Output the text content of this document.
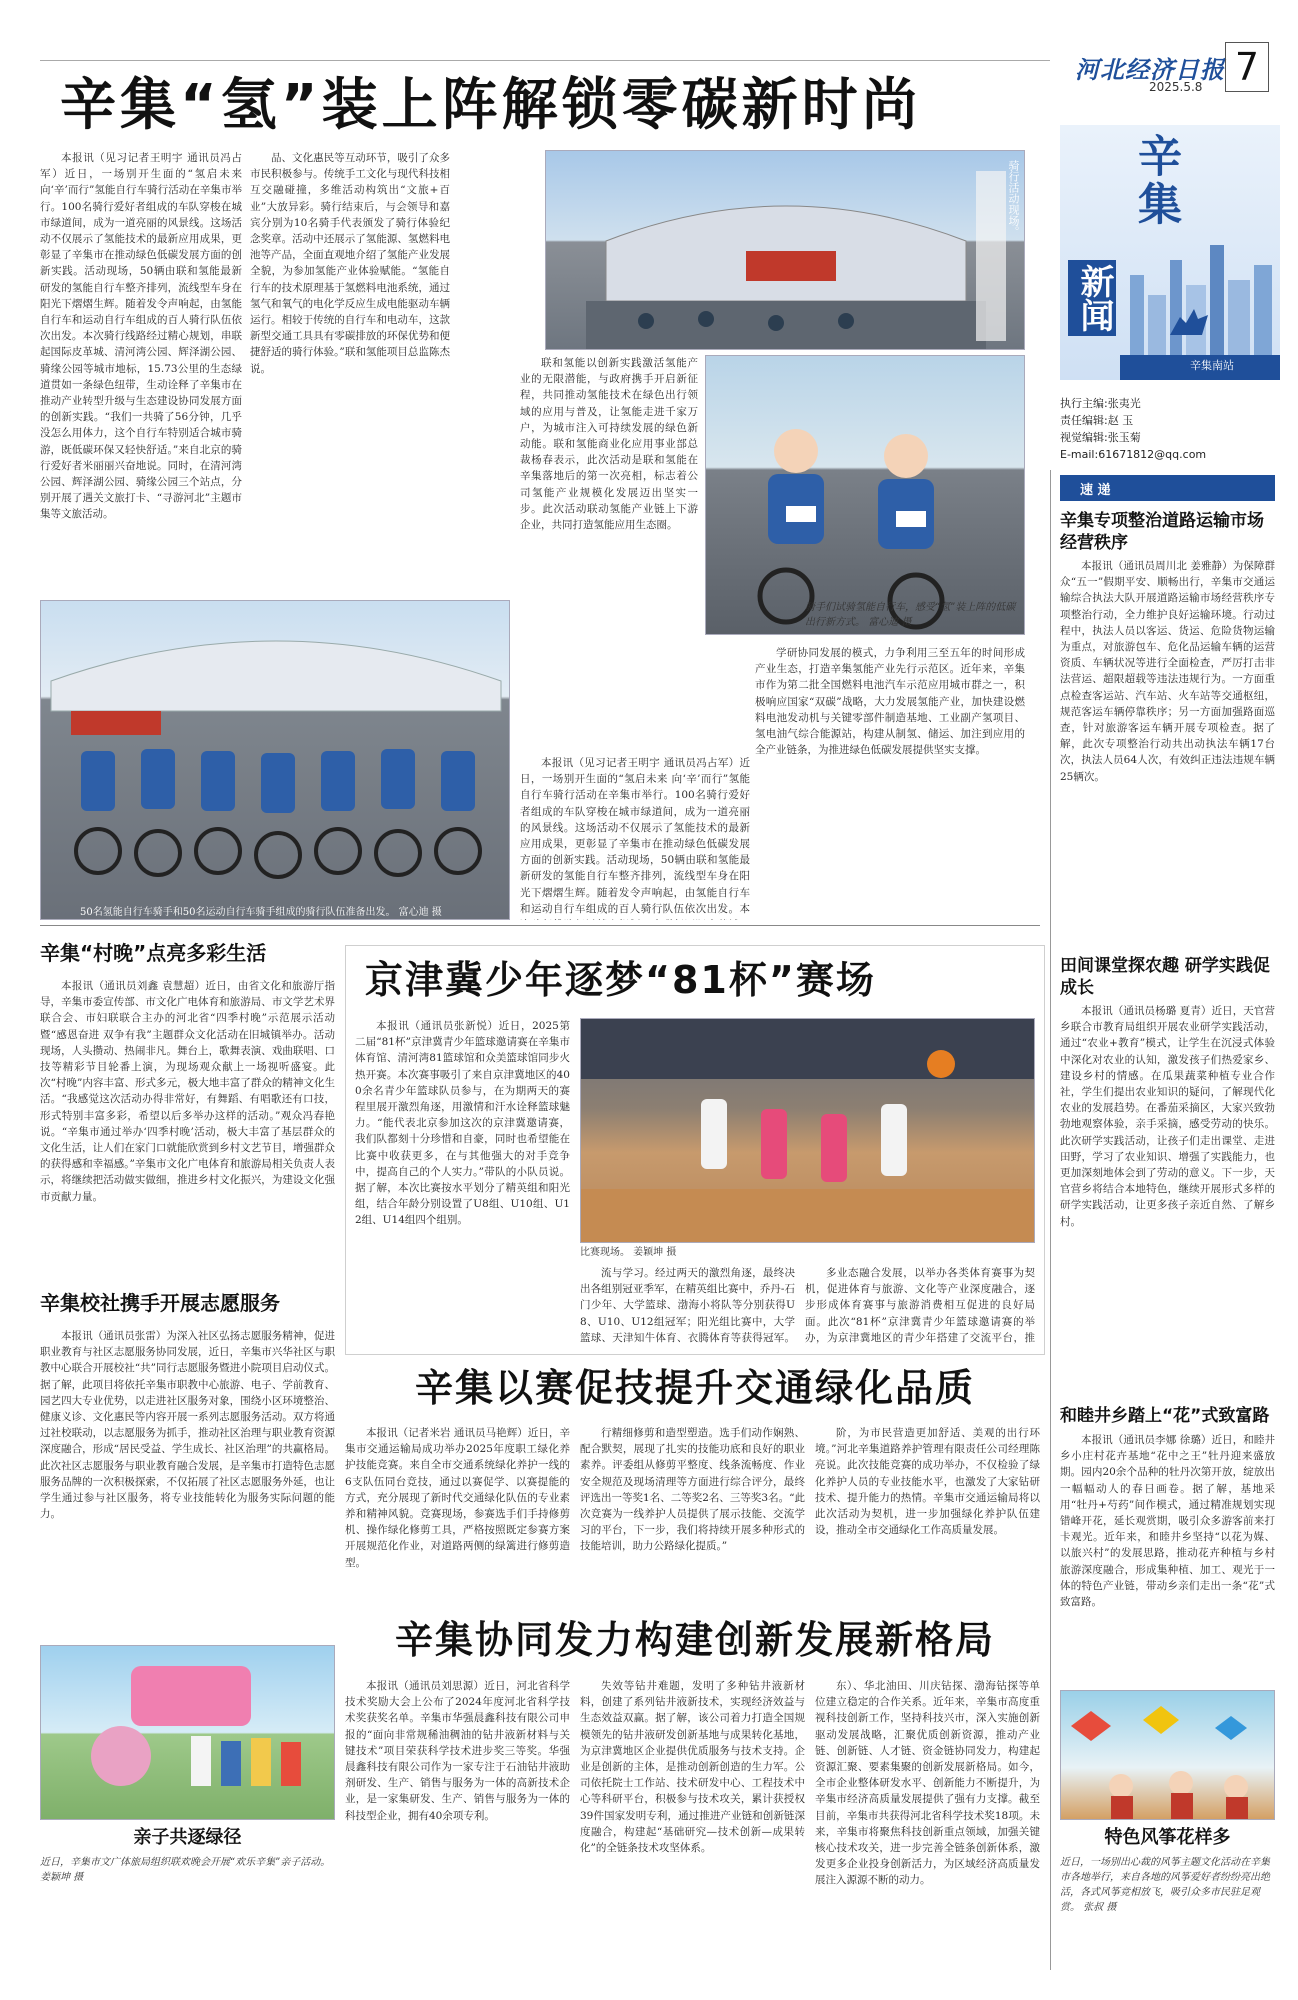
河北经济日报
2025.5.8 7
辛集
新闻
辛集南站
执行主编:张夷光
责任编辑:赵 玉
视觉编辑:张玉菊
E-mail:61671812@qq.com
速 递
辛集“氢”装上阵解锁零碳新时尚

本报讯（见习记者王明宇 通讯员冯占军）近日，一场别开生面的“氢启未来 向‘辛’而行”氢能自行车骑行活动在辛集市举行。100名骑行爱好者组成的车队穿梭在城市绿道间，成为一道亮丽的风景线。这场活动不仅展示了氢能技术的最新应用成果，更彰显了辛集市在推动绿色低碳发展方面的创新实践。活动现场，50辆由联和氢能最新研发的氢能自行车整齐排列，流线型车身在阳光下熠熠生辉。随着发令声响起，由氢能自行车和运动自行车组成的百人骑行队伍依次出发。本次骑行线路经过精心规划，串联起国际皮革城、清河湾公园、辉泽湖公园、骑缘公园等城市地标，15.73公里的生态绿道贯如一条绿色纽带，生动诠释了辛集市在推动产业转型升级与生态建设协同发展方面的创新实践。“我们一共骑了56分钟，几乎没怎么用体力，这个自行车特别适合城市骑游，既低碳环保又轻快舒适。”来自北京的骑行爱好者米丽丽兴奋地说。同时，在清河湾公园、辉泽湖公园、骑缘公园三个站点，分别开展了遇关文旅打卡、“寻游河北”主题市集等文旅活动。

品、文化惠民等互动环节，吸引了众多市民积极参与。传统手工文化与现代科技相互交融碰撞，多维活动构筑出“文旅+百业”大放异彩。骑行结束后，与会领导和嘉宾分别为10名骑手代表颁发了骑行体验纪念奖章。活动中还展示了氢能源、氢燃料电池等产品，全面直观地介绍了氢能产业发展全貌，为参加氢能产业体验赋能。“氢能自行车的技术原理基于氢燃料电池系统，通过氢气和氧气的电化学反应生成电能驱动车辆运行。相较于传统的自行车和电动车，这款新型交通工具具有零碳排放的环保优势和便捷舒适的骑行体验。”联和氢能项目总监陈杰说。	联和氢能以创新实践激活氢能产业的无限潜能，与政府携手开启新征程，共同推动氢能技术在绿色出行领域的应用与普及，让氢能走进千家万户，为城市注入可持续发展的绿色新动能。联和氢能商业化应用事业部总裁杨春表示，此次活动是联和氢能在辛集落地后的第一次亮相，标志着公司氢能产业规模化发展迈出坚实一步。此次活动联动氢能产业链上下游企业，共同打造氢能应用生态圈。

学研协同发展的模式，力争利用三至五年的时间形成产业生态，打造辛集氢能产业先行示范区。近年来，辛集市作为第二批全国燃料电池汽车示范应用城市群之一，积极响应国家“双碳”战略，大力发展氢能产业，加快建设燃料电池发动机与关键零部件制造基地、工业副产氢项目、氢电油气综合能源站，构建从制氢、储运、加注到应用的全产业链条，为推进绿色低碳发展提供坚实支撑。

本报讯（见习记者王明宇 通讯员冯占军）近日，一场别开生面的“氢启未来 向‘辛’而行”氢能自行车骑行活动在辛集市举行。100名骑行爱好者组成的车队穿梭在城市绿道间，成为一道亮丽的风景线。这场活动不仅展示了氢能技术的最新应用成果，更彰显了辛集市在推动绿色低碳发展方面的创新实践。活动现场，50辆由联和氢能最新研发的氢能自行车整齐排列，流线型车身在阳光下熠熠生辉。随着发令声响起，由氢能自行车和运动自行车组成的百人骑行队伍依次出发。本

骑行活动现场。
骑手们试骑氢能自行车，感受“氢”装上阵的低碳出行新方式。 富心迪 摄
50名氢能自行车骑手和50名运动自行车骑手组成的骑行队伍准备出发。 富心迪 摄
辛集“村晚”点亮多彩生活

本报讯（通讯员刘鑫 袁慧超）近日，由省文化和旅游厅指导，辛集市委宣传部、市文化广电体育和旅游局、市文学艺术界联合会、市妇联联合主办的河北省“四季村晚”示范展示活动暨“感恩奋进 双争有我”主题群众文化活动在旧城镇举办。活动现场，人头攒动、热闹非凡。舞台上，歌舞表演、戏曲联唱、口技等精彩节目轮番上演，为现场观众献上一场视听盛宴。此次“村晚”内容丰富、形式多元，极大地丰富了群众的精神文化生活。“我感觉这次活动办得非常好，有舞蹈、有唱歌还有口技，形式特别丰富多彩，希望以后多举办这样的活动。”观众冯春艳说。“辛集市通过举办‘四季村晚’活动，极大丰富了基层群众的文化生活，让人们在家门口就能欣赏到乡村文艺节目，增强群众的获得感和幸福感。”辛集市文化广电体育和旅游局相关负责人表示，将继续把活动做实做细，推进乡村文化振兴，为建设文化强市贡献力量。

辛集校社携手开展志愿服务

本报讯（通讯员张雷）为深入社区弘扬志愿服务精神，促进职业教育与社区志愿服务协同发展，近日，辛集市兴华社区与职教中心联合开展校社“共”同行志愿服务暨进小院项目启动仪式。据了解，此项目将依托辛集市职教中心旅游、电子、学前教育、园艺四大专业优势，以走进社区服务对象，围绕小区环境整治、健康义诊、文化惠民等内容开展一系列志愿服务活动。双方将通过社校联动，以志愿服务为抓手，推动社区治理与职业教育资源深度融合，形成“居民受益、学生成长、社区治理”的共赢格局。此次社区志愿服务与职业教育融合发展，是辛集市打造特色志愿服务品牌的一次积极探索，不仅拓展了社区志愿服务外延，也让学生通过参与社区服务，将专业技能转化为服务实际问题的能力。

亲子共逐绿径
近日，辛集市文广体旅局组织联欢晚会开展“欢乐辛集”亲子活动。 姜颖坤 摄
京津冀少年逐梦“81杯”赛场

本报讯（通讯员张新悦）近日，2025第二届“81杯”京津冀青少年篮球邀请赛在辛集市体育馆、清河湾81篮球馆和众美篮球馆同步火热开赛。本次赛事吸引了来自京津冀地区的400余名青少年篮球队员参与，在为期两天的赛程里展开激烈角逐，用激情和汗水诠释篮球魅力。“能代表北京参加这次的京津冀邀请赛，我们队都刻十分珍惜和自豪，同时也希望能在比赛中收获更多，在与其他强大的对手竞争中，提高自己的个人实力。”带队的小队员说。据了解，本次比赛按水平划分了精英组和阳光组，结合年龄分别设置了U8组、U10组、U12组、U14组四个组别。

比赛现场。 姜颖坤 摄

流与学习。经过两天的激烈角逐，最终决出各组别冠亚季军，在精英组比赛中，乔丹-石门少年、大学篮球、渤海小将队等分别获得U8、U10、U12组冠军；阳光组比赛中，大学篮球、天津知牛体育、衣腾体育等获得冠军。

多业态融合发展，以举办各类体育赛事为契机，促进体育与旅游、文化等产业深度融合，逐步形成体育赛事与旅游消费相互促进的良好局面。此次“81杯”京津冀青少年篮球邀请赛的举办，为京津冀地区的青少年搭建了交流平台，推

辛集以赛促技提升交通绿化品质

本报讯（记者米岩 通讯员马艳辉）近日，辛集市交通运输局成功举办2025年度职工绿化养护技能竞赛。来自全市交通系统绿化养护一线的6支队伍同台竞技，通过以赛促学、以赛提能的方式，充分展现了新时代交通绿化队伍的专业素养和精神风貌。竞赛现场，参赛选手们手持修剪机、操作绿化修剪工具，严格按照既定参赛方案开展规范化作业，对道路两侧的绿篱进行修剪造型。

行精细修剪和造型塑造。选手们动作娴熟、配合默契，展现了扎实的技能功底和良好的职业素养。评委组从修剪平整度、线条流畅度、作业安全规范及现场清理等方面进行综合评分，最终评选出一等奖1名、二等奖2名、三等奖3名。“此次竞赛为一线养护人员提供了展示技能、交流学习的平台，下一步，我们将持续开展多种形式的技能培训，助力公路绿化提质。”

阶，为市民营造更加舒适、美观的出行环境。”河北辛集道路养护管理有限责任公司经理陈亮说。此次技能竞赛的成功举办，不仅检验了绿化养护人员的专业技能水平，也激发了大家钻研技术、提升能力的热情。辛集市交通运输局将以此次活动为契机，进一步加强绿化养护队伍建设，推动全市交通绿化工作高质量发展。

辛集协同发力构建创新发展新格局

本报讯（通讯员刘思源）近日，河北省科学技术奖励大会上公布了2024年度河北省科学技术奖获奖名单。辛集市华强晨鑫科技有限公司申报的“面向非常规稀油稠油的钻井液新材料与关键技术”项目荣获科学技术进步奖三等奖。华强晨鑫科技有限公司作为一家专注于石油钻井液助剂研发、生产、销售与服务为一体的高新技术企业，是一家集研发、生产、销售与服务为一体的科技型企业，拥有40余项专利。

失效等钻井难题，发明了多种钻井液新材料，创建了系列钻井液新技术，实现经济效益与生态效益双赢。据了解，该公司着力打造全国规模领先的钻井液研发创新基地与成果转化基地，为京津冀地区企业提供优质服务与技术支持。企业是创新的主体，是推动创新创造的生力军。公司依托院士工作站、技术研发中心、工程技术中心等科研平台，积极参与技术攻关，累计获授权39件国家发明专利，通过推进产业链和创新链深度融合，构建起“基础研究—技术创新—成果转化”的全链条技术攻坚体系。

东）、华北油田、川庆钻探、渤海钻探等单位建立稳定的合作关系。近年来，辛集市高度重视科技创新工作，坚持科技兴市，深入实施创新驱动发展战略，汇聚优质创新资源，推动产业链、创新链、人才链、资金链协同发力，构建起资源汇聚、要素集聚的创新发展新格局。如今，全市企业整体研发水平、创新能力不断提升，为辛集市经济高质量发展提供了强有力支撑。截至目前，辛集市共获得河北省科学技术奖18项。未来，辛集市将聚焦科技创新重点领域，加强关键核心技术攻关，进一步完善全链条创新体系，激发更多企业投身创新活力，为区域经济高质量发展注入源源不断的动力。

辛集专项整治道路运输市场经营秩序

本报讯（通讯员周川北 姜雅静）为保障群众“五一”假期平安、顺畅出行，辛集市交通运输综合执法大队开展道路运输市场经营秩序专项整治行动，全力维护良好运输环境。行动过程中，执法人员以客运、货运、危险货物运输为重点，对旅游包车、危化品运输车辆的运营资质、车辆状况等进行全面检查，严厉打击非法营运、超限超载等违法违规行为。一方面重点检查客运站、汽车站、火车站等交通枢纽，规范客运车辆停靠秩序；另一方面加强路面巡查，针对旅游客运车辆开展专项检查。据了解，此次专项整治行动共出动执法车辆17台次，执法人员64人次，有效纠正违法违规车辆25辆次。

田间课堂探农趣 研学实践促成长

本报讯（通讯员杨璐 夏青）近日，天官营乡联合市教育局组织开展农业研学实践活动，通过“农业+教育”模式，让学生在沉浸式体验中深化对农业的认知，激发孩子们热爱家乡、建设乡村的情感。在瓜果蔬菜种植专业合作社，学生们提出农业知识的疑问，了解现代化农业的发展趋势。在番茄采摘区，大家兴致勃勃地观察体验，亲手采摘，感受劳动的快乐。此次研学实践活动，让孩子们走出课堂、走进田野，学习了农业知识、增强了实践能力，也更加深刻地体会到了劳动的意义。下一步，天官营乡将结合本地特色，继续开展形式多样的研学实践活动，让更多孩子亲近自然、了解乡村。

和睦井乡踏上“花”式致富路

本报讯（通讯员李娜 徐璐）近日，和睦井乡小庄村花卉基地“花中之王”牡丹迎来盛放期。园内20余个品种的牡丹次第开放，绽放出一幅幅动人的春日画卷。据了解，基地采用“牡丹+芍药”间作模式，通过精准规划实现错峰开花，延长观赏期，吸引众多游客前来打卡观光。近年来，和睦井乡坚持“以花为媒、以旅兴村”的发展思路，推动花卉种植与乡村旅游深度融合，形成集种植、加工、观光于一体的特色产业链，带动乡亲们走出一条“花”式致富路。

特色风筝花样多
近日，一场别出心裁的风筝主题文化活动在辛集市各地举行，来自各地的风筝爱好者纷纷亮出绝活，各式风筝竞相放飞，吸引众多市民驻足观赏。 张叔 摄
